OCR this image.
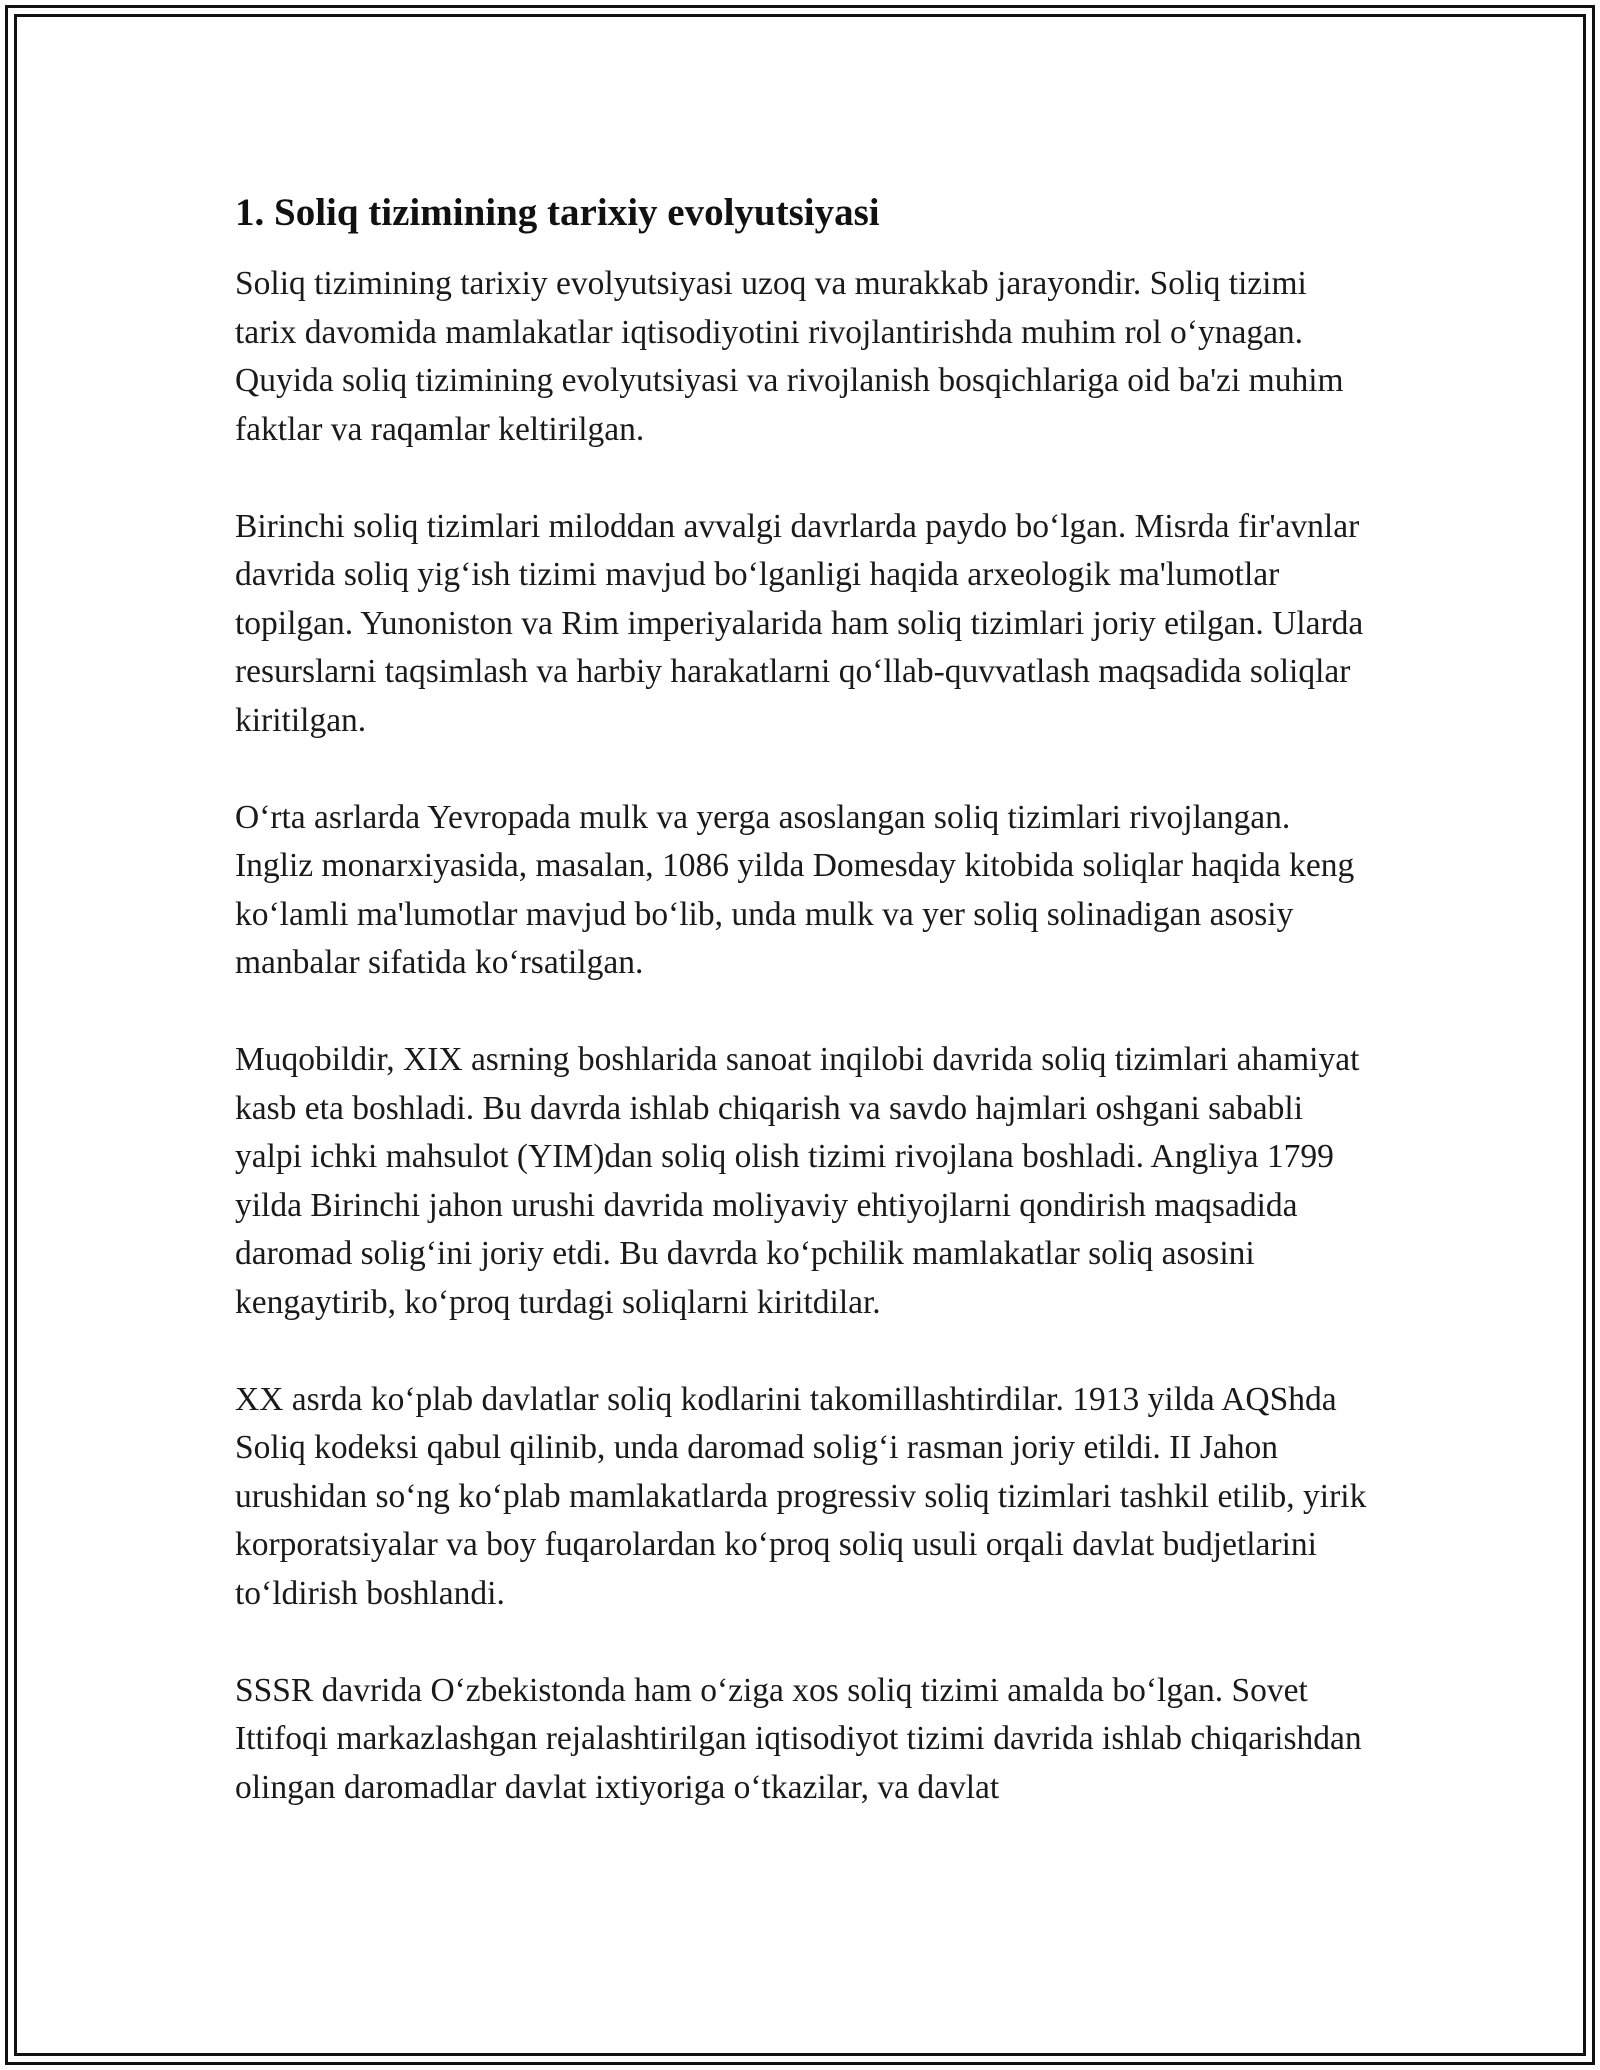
1. Soliq tizimining tarixiy evolyutsiyasi

Soliq tizimining tarixiy evolyutsiyasi uzoq va murakkab jarayondir. Soliq tizimi tarix davomida mamlakatlar iqtisodiyotini rivojlantirishda muhim rol oʻynagan. Quyida soliq tizimining evolyutsiyasi va rivojlanish bosqichlariga oid ba'zi muhim faktlar va raqamlar keltirilgan.

Birinchi soliq tizimlari miloddan avvalgi davrlarda paydo boʻlgan. Misrda fir'avnlar davrida soliq yigʻish tizimi mavjud boʻlganligi haqida arxeologik ma'lumotlar topilgan. Yunoniston va Rim imperiyalarida ham soliq tizimlari joriy etilgan. Ularda resurslarni taqsimlash va harbiy harakatlarni qoʻllab-quvvatlash maqsadida soliqlar kiritilgan.

Oʻrta asrlarda Yevropada mulk va yerga asoslangan soliq tizimlari rivojlangan. Ingliz monarxiyasida, masalan, 1086 yilda Domesday kitobida soliqlar haqida keng koʻlamli ma'lumotlar mavjud boʻlib, unda mulk va yer soliq solinadigan asosiy manbalar sifatida koʻrsatilgan.

Muqobildir, XIX asrning boshlarida sanoat inqilobi davrida soliq tizimlari ahamiyat kasb eta boshladi. Bu davrda ishlab chiqarish va savdo hajmlari oshgani sababli yalpi ichki mahsulot (YIM)dan soliq olish tizimi rivojlana boshladi. Angliya 1799 yilda Birinchi jahon urushi davrida moliyaviy ehtiyojlarni qondirish maqsadida daromad soligʻini joriy etdi. Bu davrda koʻpchilik mamlakatlar soliq asosini kengaytirib, koʻproq turdagi soliqlarni kiritdilar.

XX asrda koʻplab davlatlar soliq kodlarini takomillashtirdilar. 1913 yilda AQShda Soliq kodeksi qabul qilinib, unda daromad soligʻi rasman joriy etildi. II Jahon urushidan soʻng koʻplab mamlakatlarda progressiv soliq tizimlari tashkil etilib, yirik korporatsiyalar va boy fuqarolardan koʻproq soliq usuli orqali davlat budjetlarini toʻldirish boshlandi.

SSSR davrida Oʻzbekistonda ham oʻziga xos soliq tizimi amalda boʻlgan. Sovet Ittifoqi markazlashgan rejalashtirilgan iqtisodiyot tizimi davrida ishlab chiqarishdan olingan daromadlar davlat ixtiyoriga oʻtkazilar, va davlat
